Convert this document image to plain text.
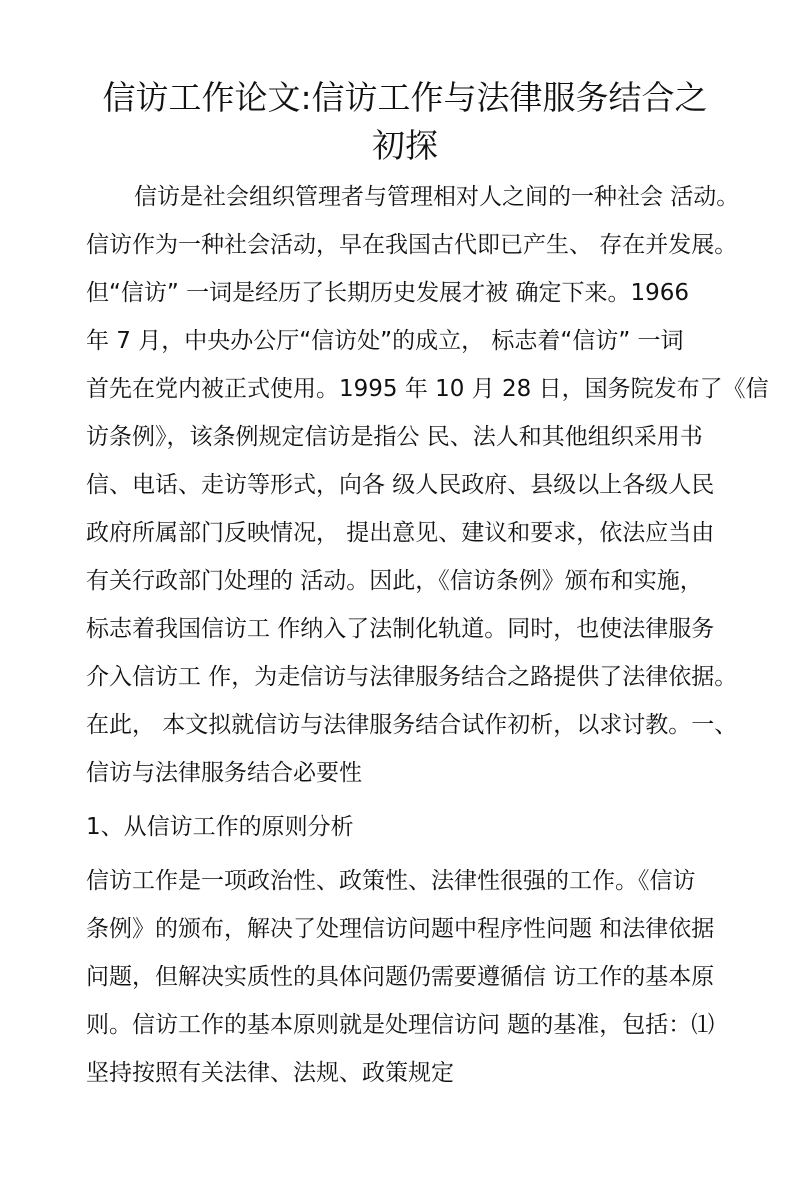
信访工作论文:信访工作与法律服务结合之
初探
信访是社会组织管理者与管理相对人之间的一种社会 活动。
信访作为一种社会活动，早在我国古代即已产生、 存在并发展。
但“信访” 一词是经历了长期历史发展才被 确定下来。1966
年 7 月，中央办公厅“信访处”的成立， 标志着“信访” 一词
首先在党内被正式使用。1995 年 10 月 28 日，国务院发布了《信
访条例》，该条例规定信访是指公 民、法人和其他组织采用书
信、电话、走访等形式，向各 级人民政府、县级以上各级人民
政府所属部门反映情况， 提出意见、建议和要求，依法应当由
有关行政部门处理的 活动。因此，《信访条例》颁布和实施，
标志着我国信访工 作纳入了法制化轨道。同时，也使法律服务
介入信访工 作，为走信访与法律服务结合之路提供了法律依据。
在此， 本文拟就信访与法律服务结合试作初析，以求讨教。一、
信访与法律服务结合必要性
1、从信访工作的原则分析
信访工作是一项政治性、政策性、法律性很强的工作。《信访
条例》的颁布，解决了处理信访问题中程序性问题 和法律依据
问题，但解决实质性的具体问题仍需要遵循信 访工作的基本原
则。信访工作的基本原则就是处理信访问 题的基准，包括：⑴
坚持按照有关法律、法规、政策规定
